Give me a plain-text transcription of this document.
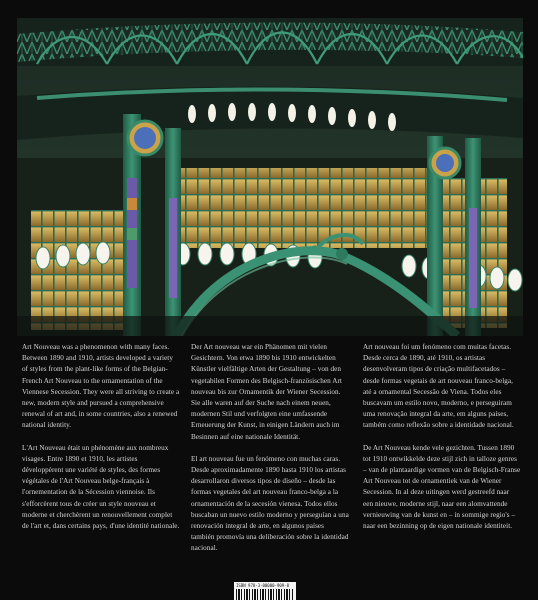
Art Nouveau was a phenomenon with many faces. Between 1890 and 1910, artists developed a variety of styles from the plant-like forms of the Belgian-French Art Nouveau to the ornamentation of the Viennese Secession. They were all striving to create a new, modern style and pursued a comprehensive renewal of art and, in some countries, also a renewed national identity.

L'Art Nouveau était un phénomène aux nombreux visages. Entre 1890 et 1910, les artistes développèrent une variété de styles, des formes végétales de l'Art Nouveau belge-français à l'ornementation de la Sécession viennoise. Ils s'efforcèrent tous de créer un style nouveau et moderne et cherchèrent un renouvellement complet de l'art et, dans certains pays, d'une identité nationale.

Der Art nouveau war ein Phänomen mit vielen Gesichtern. Von etwa 1890 bis 1910 entwickelten Künstler vielfältige Arten der Gestaltung – von den vegetabilen Formen des Belgisch-französischen Art nouveau bis zur Ornamentik der Wiener Secession. Sie alle waren auf der Suche nach einem neuen, modernen Stil und verfolgten eine umfassende Erneuerung der Kunst, in einigen Ländern auch im Besinnen auf eine nationale Identität.

El art nouveau fue un fenómeno con muchas caras. Desde aproximadamente 1890 hasta 1910 los artistas desarrollaron diversos tipos de diseño – desde las formas vegetales del art nouveau franco-belga a la ornamentación de la secesión vienesa. Todos ellos buscaban un nuevo estilo moderno y perseguían a una renovación integral de arte, en algunos países también promovía una deliberación sobre la identidad nacional.

Art nouveau foi um fenómeno com muitas facetas. Desde cerca de 1890, até 1910, os artistas desenvolveram tipos de criação multifacetados – desde formas vegetais de art nouveau franco-belga, até a ornamental Secessão de Viena. Todos eles buscavam um estilo novo, moderno, e perseguiram uma renovação integral da arte, em alguns países, também como reflexão sobre a identidade nacional.

De Art Nouveau kende vele gezichten. Tussen 1890 tot 1910 ontwikkelde deze stijl zich in talloze genres – van de plantaardige vormen van de Belgisch-Franse Art Nouveau tot de ornamentiek van de Wiener Secession. In al deze uitingen werd gestreefd naar een nieuwe, moderne stijl, naar een alomvattende vernieuwing van de kunst en – in sommige regio's – naar een bezinning op de eigen nationale identiteit.

ISBN 978-3-00000-909-8
